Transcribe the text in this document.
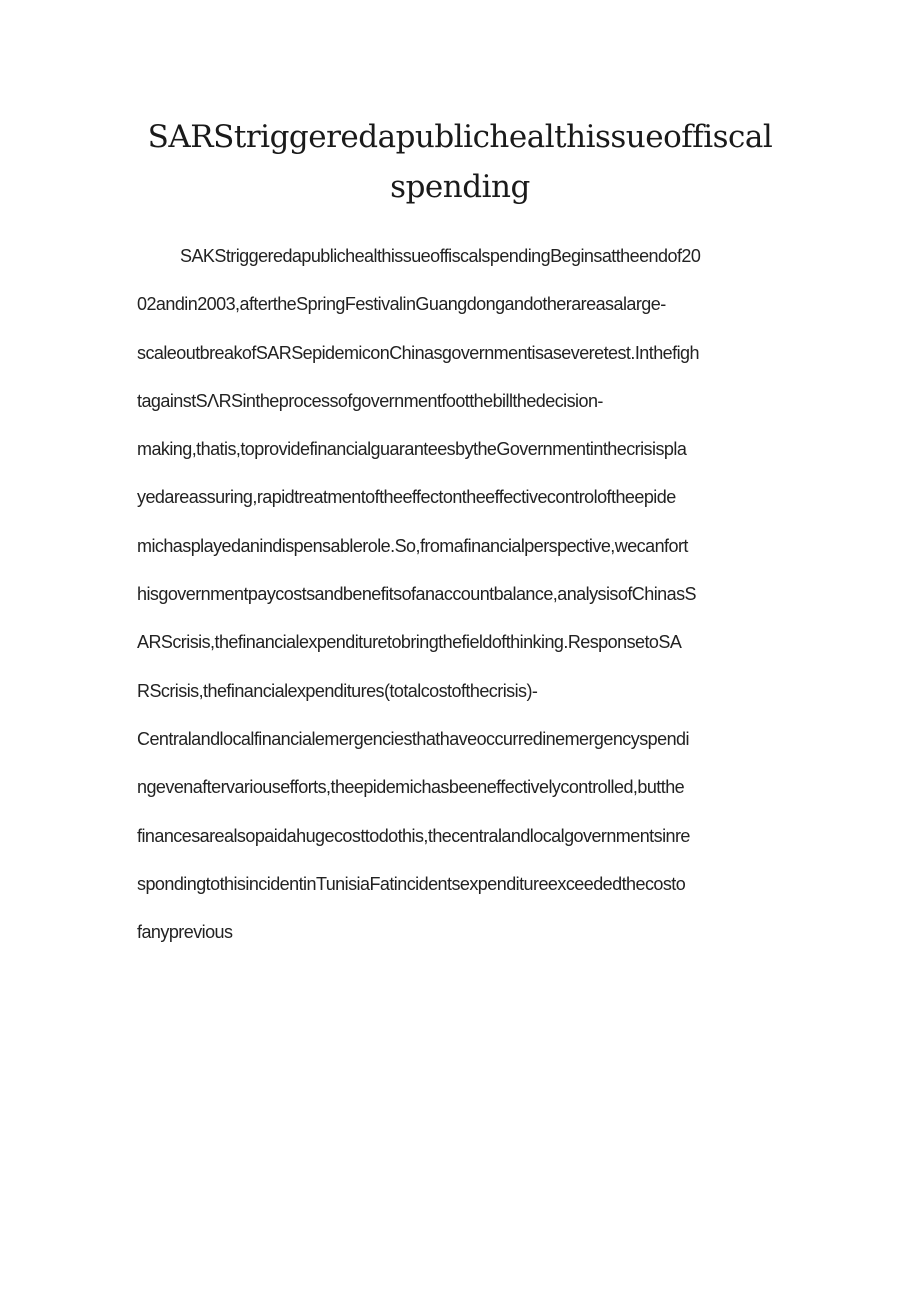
SARStriggeredapublichealthissueoffiscal
spending
SAKStriggeredapublichealthissueoffiscalspendingBeginsattheendof20
02andin2003,aftertheSpringFestivalinGuangdongandotherareasalarge-
scaleoutbreakofSARSepidemiconChinasgovernmentisaseveretest.Inthefigh
tagainstSΛRSintheprocessofgovernmentfootthebillthedecision-
making,thatis,toprovidefinancialguaranteesbytheGovernmentinthecrisispla
yedareassuring,rapidtreatmentoftheeffectontheeffectivecontroloftheepide
michasplayedanindispensablerole.So,fromafinancialperspective,wecanfort
hisgovernmentpaycostsandbenefitsofanaccountbalance,analysisofChinasS
ARScrisis,thefinancialexpendituretobringthefieldofthinking.ResponsetoSA
RScrisis,thefinancialexpenditures(totalcostofthecrisis)-
Centralandlocalfinancialemergenciesthathaveoccurredinemergencyspendi
ngevenaftervariousefforts,theepidemichasbeeneffectivelycontrolled,butthe
financesarealsopaidahugecosttodothis,thecentralandlocalgovernmentsinre
spondingtothisincidentinTunisiaFatincidentsexpenditureexceededthecosto
fanyprevious
